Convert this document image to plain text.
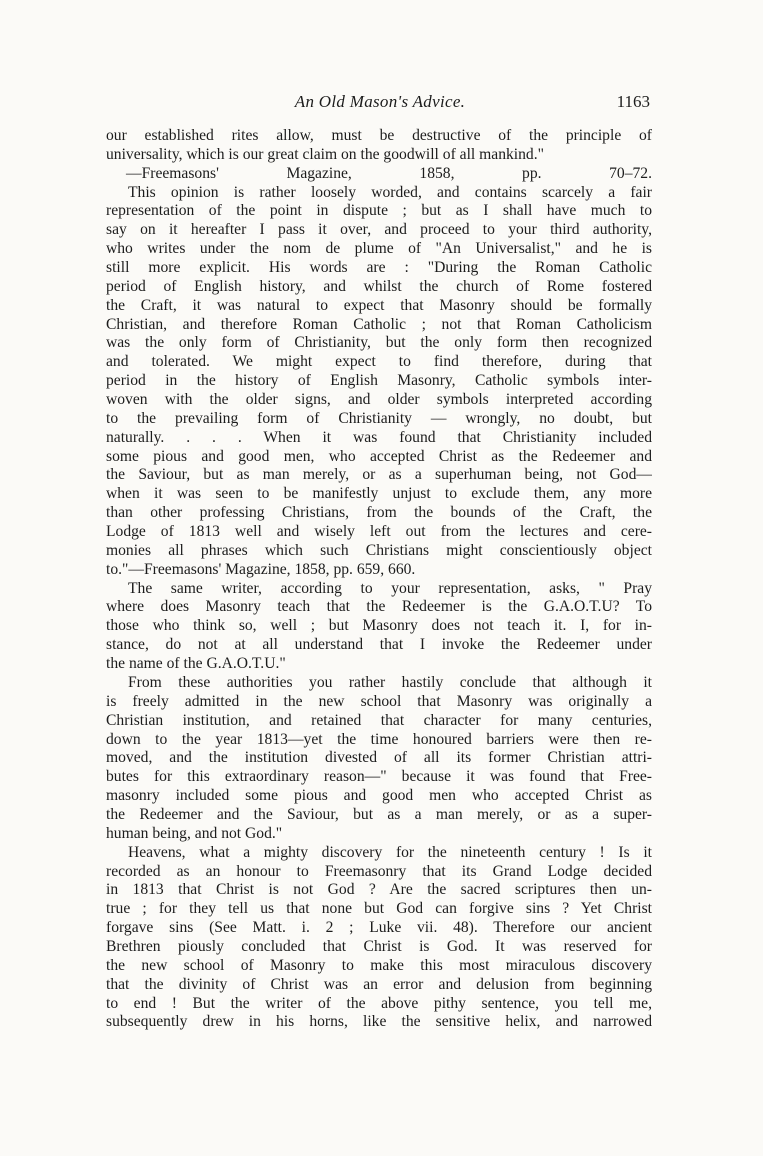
An Old Mason's Advice.	1163
our established rites allow, must be destructive of the principle of
universality, which is our great claim on the goodwill of all mankind."
—Freemasons' Magazine, 1858, pp. 70–72.
This opinion is rather loosely worded, and contains scarcely a fair
representation of the point in dispute ; but as I shall have much to
say on it hereafter I pass it over, and proceed to your third authority,
who writes under the nom de plume of "An Universalist," and he is
still more explicit. His words are : "During the Roman Catholic
period of English history, and whilst the church of Rome fostered
the Craft, it was natural to expect that Masonry should be formally
Christian, and therefore Roman Catholic ; not that Roman Catholicism
was the only form of Christianity, but the only form then recognized
and tolerated. We might expect to find therefore, during that
period in the history of English Masonry, Catholic symbols inter-
woven with the older signs, and older symbols interpreted according
to the prevailing form of Christianity — wrongly, no doubt, but
naturally. . . . When it was found that Christianity included
some pious and good men, who accepted Christ as the Redeemer and
the Saviour, but as man merely, or as a superhuman being, not God—
when it was seen to be manifestly unjust to exclude them, any more
than other professing Christians, from the bounds of the Craft, the
Lodge of 1813 well and wisely left out from the lectures and cere-
monies all phrases which such Christians might conscientiously object
to."—Freemasons' Magazine, 1858, pp. 659, 660.
The same writer, according to your representation, asks, " Pray
where does Masonry teach that the Redeemer is the G.A.O.T.U? To
those who think so, well ; but Masonry does not teach it. I, for in-
stance, do not at all understand that I invoke the Redeemer under
the name of the G.A.O.T.U."
From these authorities you rather hastily conclude that although it
is freely admitted in the new school that Masonry was originally a
Christian institution, and retained that character for many centuries,
down to the year 1813—yet the time honoured barriers were then re-
moved, and the institution divested of all its former Christian attri-
butes for this extraordinary reason—" because it was found that Free-
masonry included some pious and good men who accepted Christ as
the Redeemer and the Saviour, but as a man merely, or as a super-
human being, and not God."
Heavens, what a mighty discovery for the nineteenth century ! Is it
recorded as an honour to Freemasonry that its Grand Lodge decided
in 1813 that Christ is not God ? Are the sacred scriptures then un-
true ; for they tell us that none but God can forgive sins ? Yet Christ
forgave sins (See Matt. i. 2 ; Luke vii. 48). Therefore our ancient
Brethren piously concluded that Christ is God. It was reserved for
the new school of Masonry to make this most miraculous discovery
that the divinity of Christ was an error and delusion from beginning
to end ! But the writer of the above pithy sentence, you tell me,
subsequently drew in his horns, like the sensitive helix, and narrowed
